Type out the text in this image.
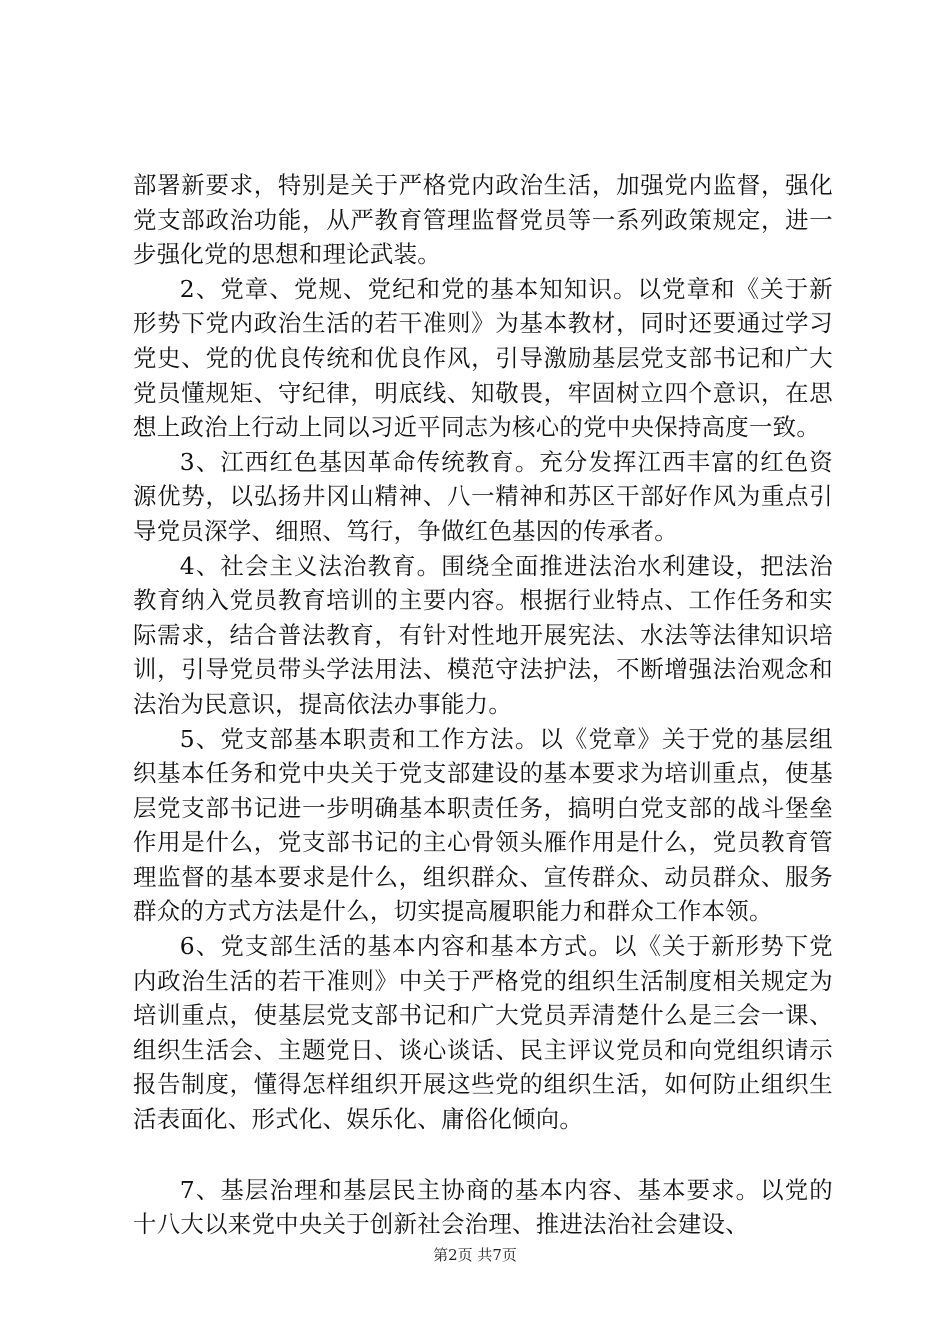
部署新要求，特别是关于严格党内政治生活，加强党内监督，强化党支部政治功能，从严教育管理监督党员等一系列政策规定，进一步强化党的思想和理论武装。

2、党章、党规、党纪和党的基本知知识。以党章和《关于新形势下党内政治生活的若干准则》为基本教材，同时还要通过学习党史、党的优良传统和优良作风，引导激励基层党支部书记和广大党员懂规矩、守纪律，明底线、知敬畏，牢固树立四个意识，在思想上政治上行动上同以习近平同志为核心的党中央保持高度一致。

3、江西红色基因革命传统教育。充分发挥江西丰富的红色资源优势，以弘扬井冈山精神、八一精神和苏区干部好作风为重点引导党员深学、细照、笃行，争做红色基因的传承者。

4、社会主义法治教育。围绕全面推进法治水利建设，把法治教育纳入党员教育培训的主要内容。根据行业特点、工作任务和实际需求，结合普法教育，有针对性地开展宪法、水法等法律知识培训，引导党员带头学法用法、模范守法护法，不断增强法治观念和法治为民意识，提高依法办事能力。

5、党支部基本职责和工作方法。以《党章》关于党的基层组织基本任务和党中央关于党支部建设的基本要求为培训重点，使基层党支部书记进一步明确基本职责任务，搞明白党支部的战斗堡垒作用是什么，党支部书记的主心骨领头雁作用是什么，党员教育管理监督的基本要求是什么，组织群众、宣传群众、动员群众、服务群众的方式方法是什么，切实提高履职能力和群众工作本领。

6、党支部生活的基本内容和基本方式。以《关于新形势下党内政治生活的若干准则》中关于严格党的组织生活制度相关规定为培训重点，使基层党支部书记和广大党员弄清楚什么是三会一课、组织生活会、主题党日、谈心谈话、民主评议党员和向党组织请示报告制度，懂得怎样组织开展这些党的组织生活，如何防止组织生活表面化、形式化、娱乐化、庸俗化倾向。

7、基层治理和基层民主协商的基本内容、基本要求。以党的十八大以来党中央关于创新社会治理、推进法治社会建设、

第2页 共7页
